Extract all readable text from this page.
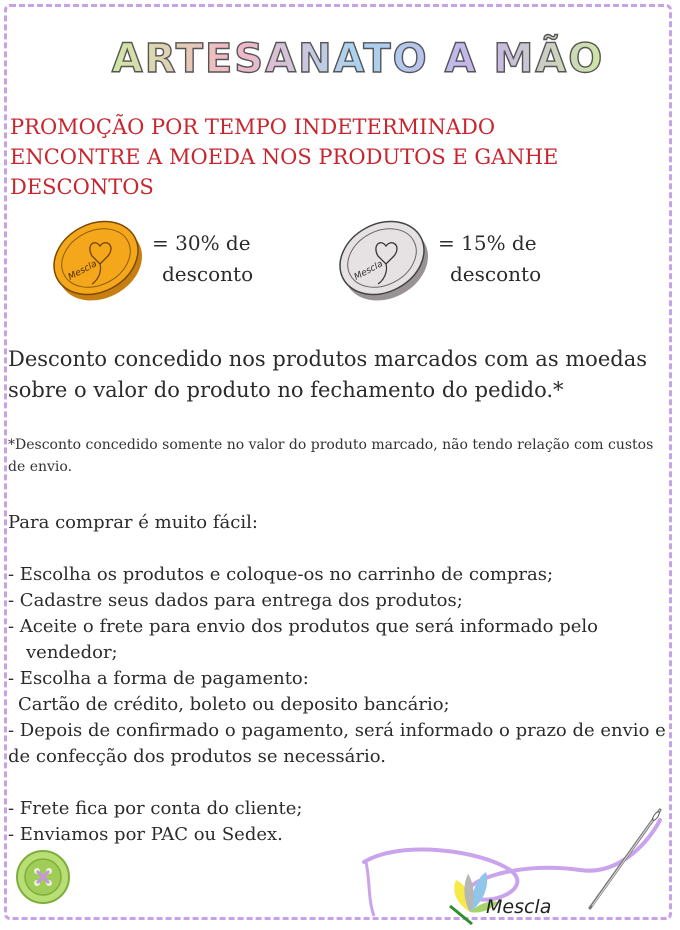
ARTESANATO A MÃO
PROMOÇÃO POR TEMPO INDETERMINADO
ENCONTRE A MOEDA NOS PRODUTOS E GANHE
DESCONTOS
Mescla
= 30% de
desconto	Mescla
= 15% de
desconto
Desconto concedido nos produtos marcados com as moedas
sobre o valor do produto no fechamento do pedido.*
*Desconto concedido somente no valor do produto marcado, não tendo relação com custos de envio.
Para comprar é muito fácil:
- Escolha os produtos e coloque-os no carrinho de compras;
- Cadastre seus dados para entrega dos produtos;
- Aceite o frete para envio dos produtos que será informado pelo
vendedor;
- Escolha a forma de pagamento:
Cartão de crédito, boleto ou deposito bancário;
- Depois de confirmado o pagamento, será informado o prazo de envio e
de confecção dos produtos se necessário.
- Frete fica por conta do cliente;
- Enviamos por PAC ou Sedex.
Mescla
